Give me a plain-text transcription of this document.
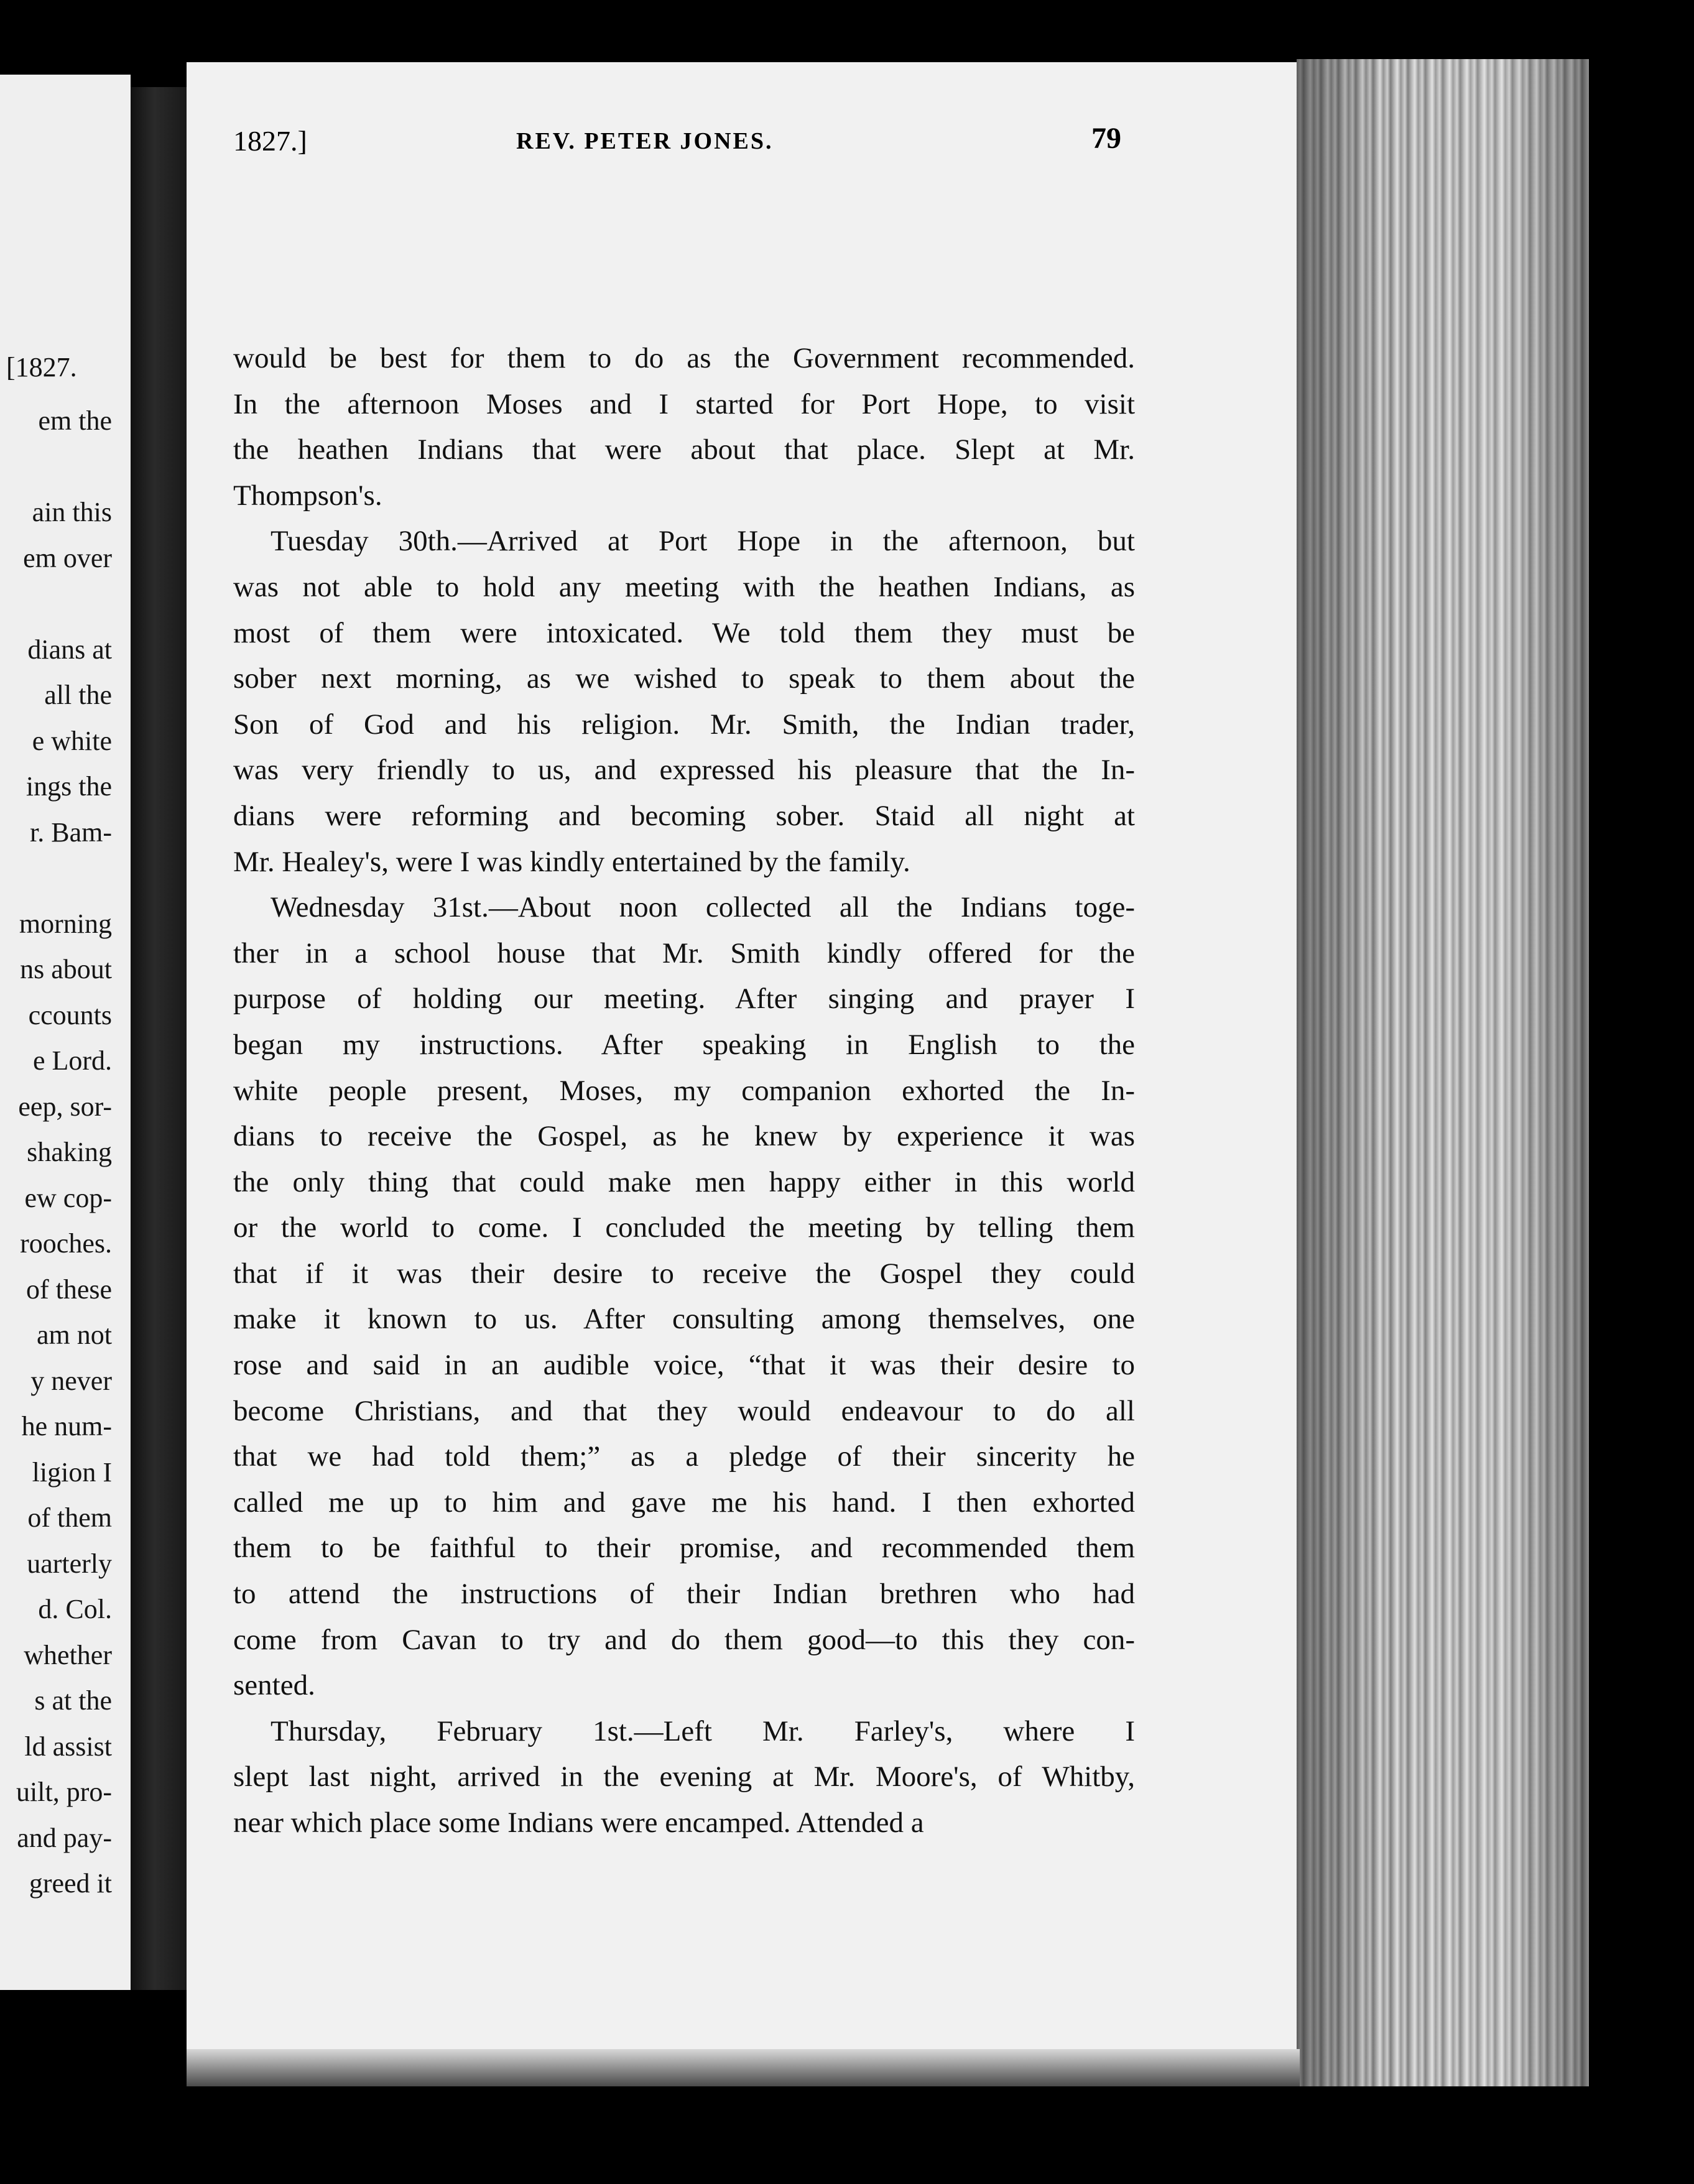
[1827.
em the

ain this
em over

dians at
all the
e white
ings the
r. Bam-

morning
ns about
ccounts
e Lord.
eep, sor-
shaking
ew cop-
rooches.
of these
am not
y never
he num-
ligion I
of them
uarterly
d. Col.
whether
s at the
ld assist
uilt, pro-
and pay-
greed it
1827.]	REV. PETER JONES.	79
would be best for them to do as the Government recommended.
In the afternoon Moses and I started for Port Hope, to visit
the heathen Indians that were about that place. Slept at Mr.
Thompson's.
Tuesday 30th.—Arrived at Port Hope in the afternoon, but
was not able to hold any meeting with the heathen Indians, as
most of them were intoxicated. We told them they must be
sober next morning, as we wished to speak to them about the
Son of God and his religion. Mr. Smith, the Indian trader,
was very friendly to us, and expressed his pleasure that the In-
dians were reforming and becoming sober. Staid all night at
Mr. Healey's, were I was kindly entertained by the family.
Wednesday 31st.—About noon collected all the Indians toge-
ther in a school house that Mr. Smith kindly offered for the
purpose of holding our meeting. After singing and prayer I
began my instructions. After speaking in English to the
white people present, Moses, my companion exhorted the In-
dians to receive the Gospel, as he knew by experience it was
the only thing that could make men happy either in this world
or the world to come. I concluded the meeting by telling them
that if it was their desire to receive the Gospel they could
make it known to us. After consulting among themselves, one
rose and said in an audible voice, “that it was their desire to
become Christians, and that they would endeavour to do all
that we had told them;” as a pledge of their sincerity he
called me up to him and gave me his hand. I then exhorted
them to be faithful to their promise, and recommended them
to attend the instructions of their Indian brethren who had
come from Cavan to try and do them good—to this they con-
sented.
Thursday, February 1st.—Left Mr. Farley's, where I
slept last night, arrived in the evening at Mr. Moore's, of Whitby,
near which place some Indians were encamped. Attended a
